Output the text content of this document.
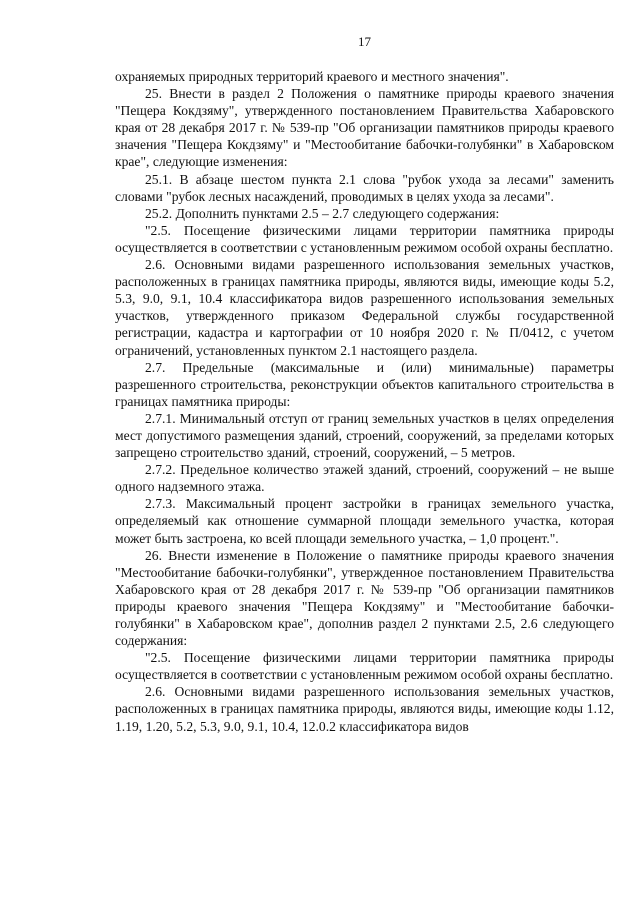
17

охраняемых природных территорий краевого и местного значения".

25. Внести в раздел 2 Положения о памятнике природы краевого значения "Пещера Кокдзяму", утвержденного постановлением Правительства Хабаровского края от 28 декабря 2017 г. № 539-пр "Об организации памятников природы краевого значения "Пещера Кокдзяму" и "Местообитание бабочки-голубянки" в Хабаровском крае", следующие изменения:

25.1. В абзаце шестом пункта 2.1 слова "рубок ухода за лесами" заменить словами "рубок лесных насаждений, проводимых в целях ухода за лесами".

25.2. Дополнить пунктами 2.5 – 2.7 следующего содержания:

"2.5. Посещение физическими лицами территории памятника природы осуществляется в соответствии с установленным режимом особой охраны бесплатно.

2.6. Основными видами разрешенного использования земельных участков, расположенных в границах памятника природы, являются виды, имеющие коды 5.2, 5.3, 9.0, 9.1, 10.4 классификатора видов разрешенного использования земельных участков, утвержденного приказом Федеральной службы государственной регистрации, кадастра и картографии от 10 ноября 2020 г. № П/0412, с учетом ограничений, установленных пунктом 2.1 настоящего раздела.

2.7. Предельные (максимальные и (или) минимальные) параметры разрешенного строительства, реконструкции объектов капитального строительства в границах памятника природы:

2.7.1. Минимальный отступ от границ земельных участков в целях определения мест допустимого размещения зданий, строений, сооружений, за пределами которых запрещено строительство зданий, строений, сооружений, – 5 метров.

2.7.2. Предельное количество этажей зданий, строений, сооружений – не выше одного надземного этажа.

2.7.3. Максимальный процент застройки в границах земельного участка, определяемый как отношение суммарной площади земельного участка, которая может быть застроена, ко всей площади земельного участка, – 1,0 процент.".

26. Внести изменение в Положение о памятнике природы краевого значения "Местообитание бабочки-голубянки", утвержденное постановлением Правительства Хабаровского края от 28 декабря 2017 г. № 539-пр "Об организации памятников природы краевого значения "Пещера Кокдзяму" и "Местообитание бабочки-голубянки" в Хабаровском крае", дополнив раздел 2 пунктами 2.5, 2.6 следующего содержания:

"2.5. Посещение физическими лицами территории памятника природы осуществляется в соответствии с установленным режимом особой охраны бесплатно.

2.6. Основными видами разрешенного использования земельных участков, расположенных в границах памятника природы, являются виды, имеющие коды 1.12, 1.19, 1.20, 5.2, 5.3, 9.0, 9.1, 10.4, 12.0.2 классификатора видов
